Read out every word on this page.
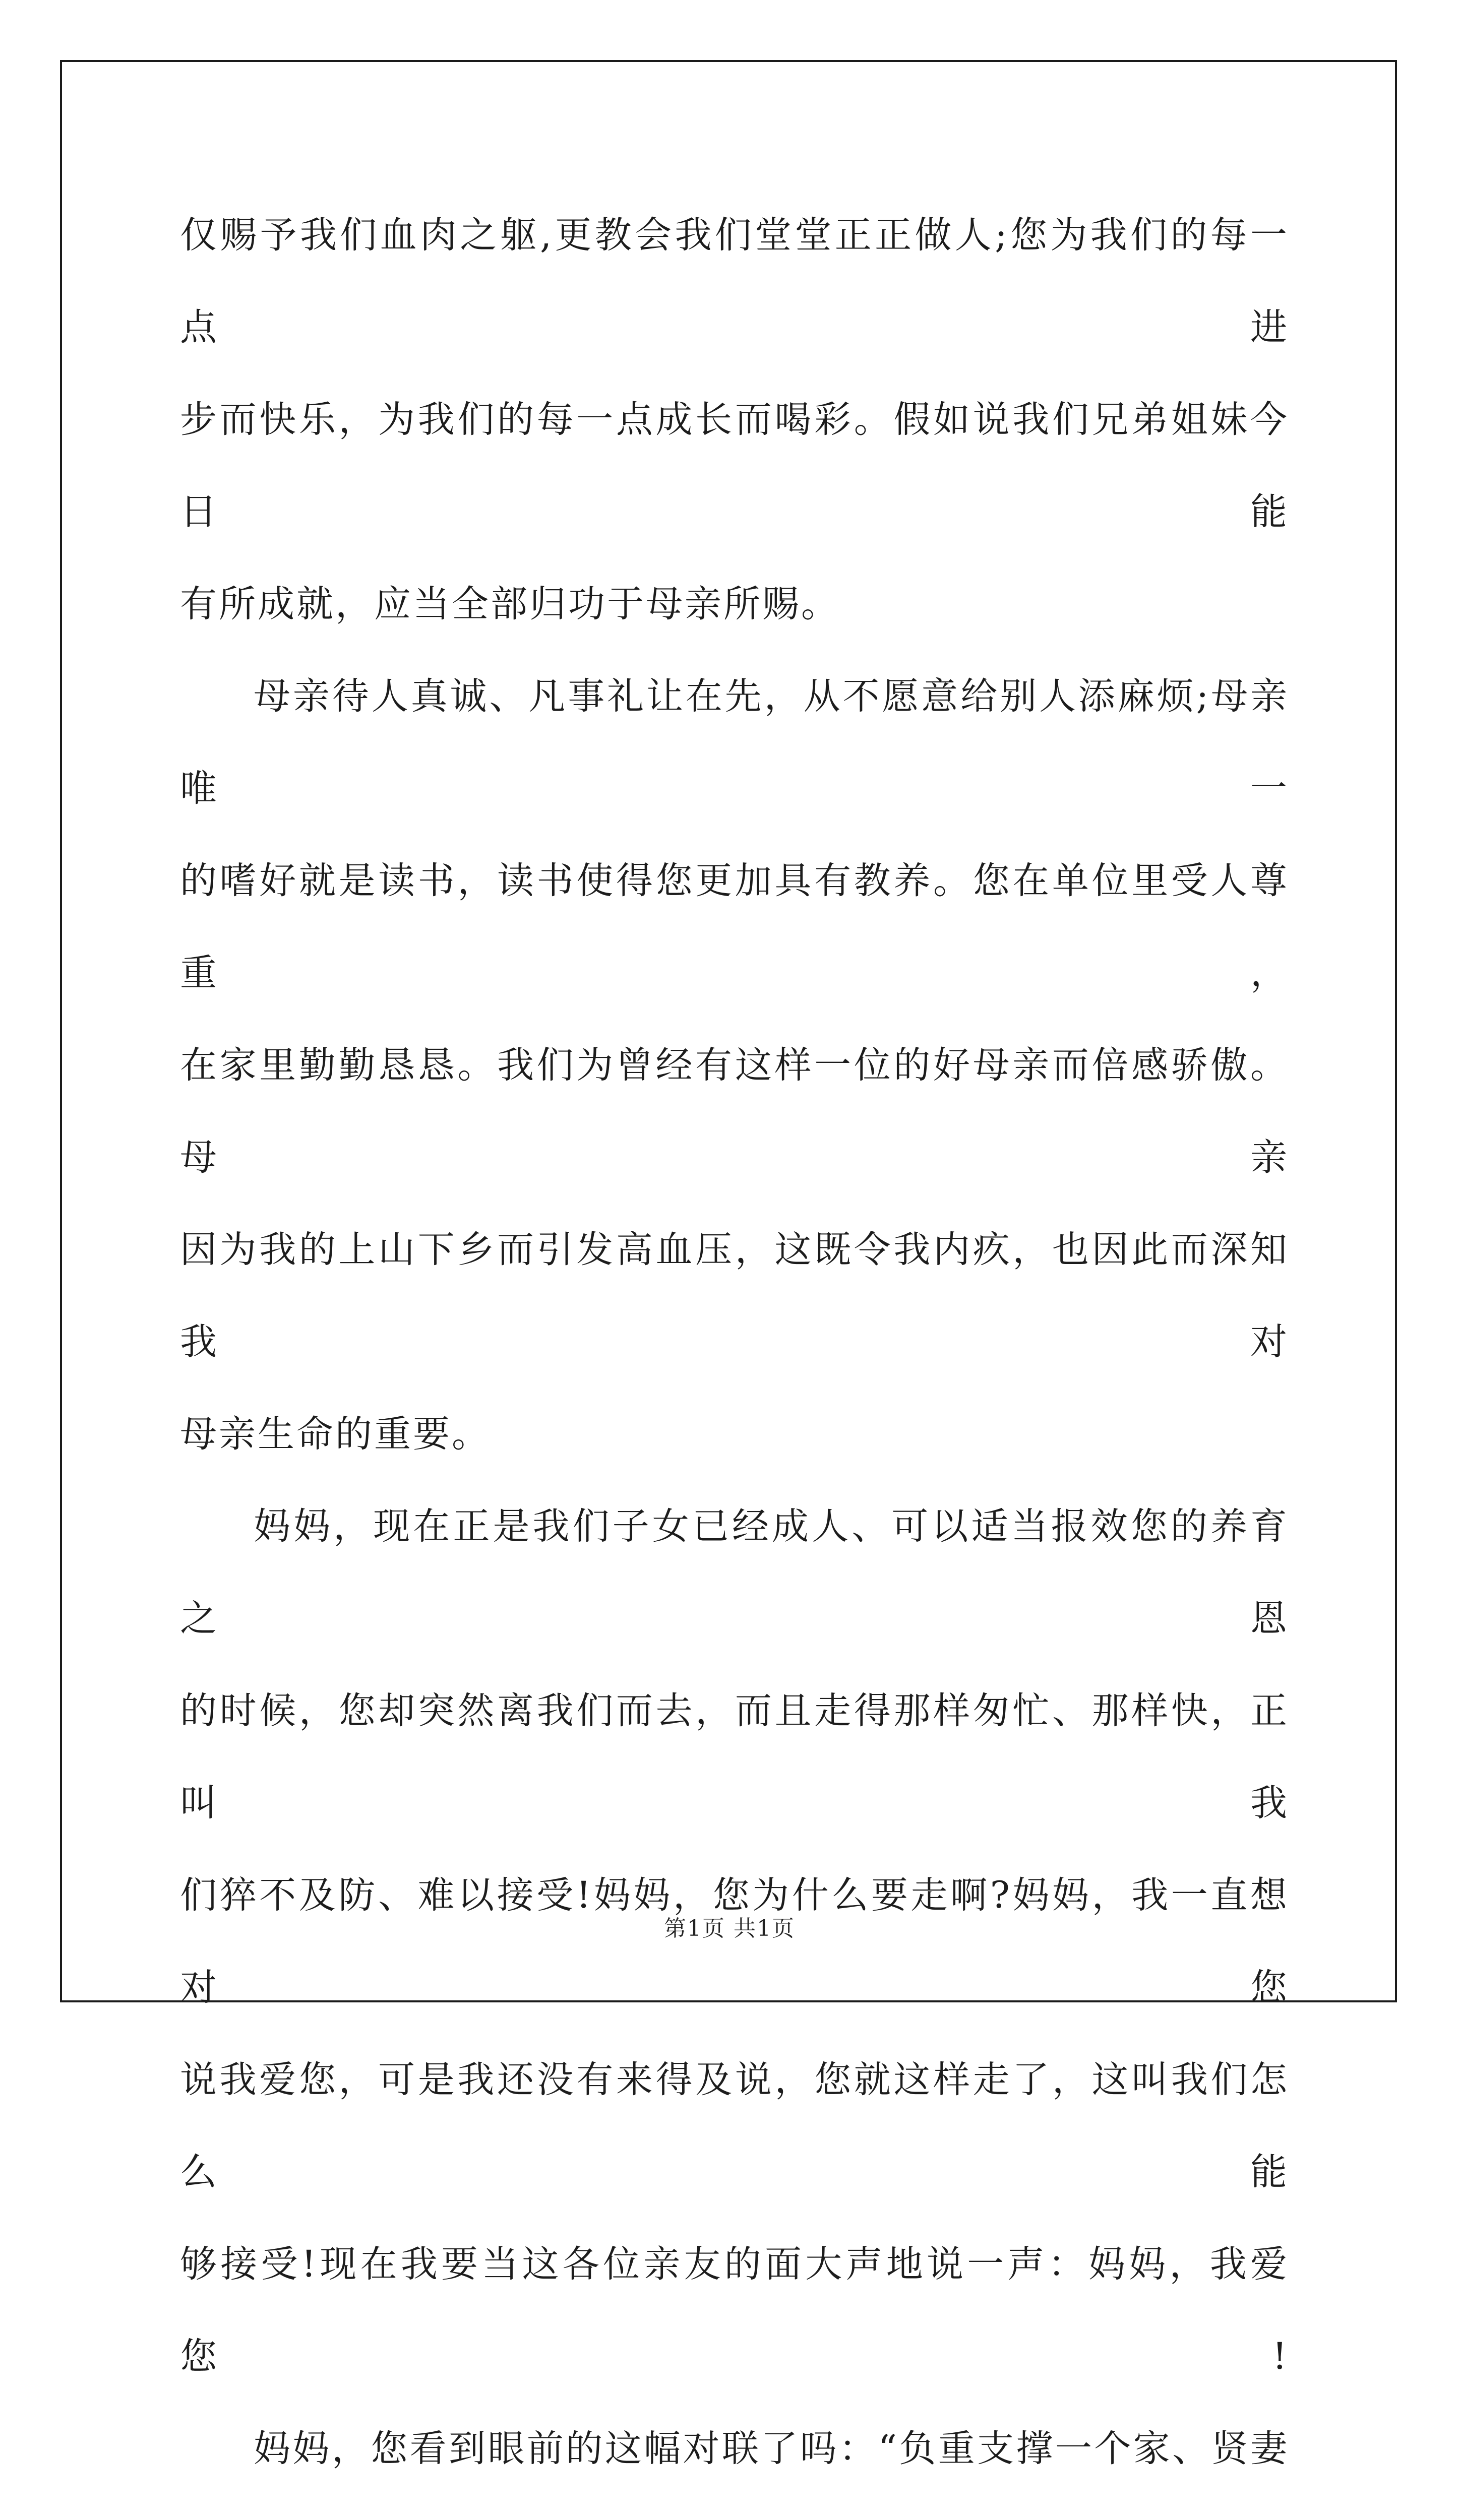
仅赐予我们血肉之躯,更教会我们堂堂正正做人;您为我们的每一点进

步而快乐，为我们的每一点成长而喝彩。假如说我们兄弟姐妹今日能

有所成就，应当全部归功于母亲所赐。

母亲待人真诚、凡事礼让在先，从不愿意给别人添麻烦;母亲唯一

的嗜好就是读书，读书使得您更加具有教养。您在单位里受人尊重，

在家里勤勤恳恳。我们为曾经有这样一位的好母亲而倍感骄傲。母亲

因为我的上山下乡而引发高血压，这既令我内疚，也因此而深知我对

母亲生命的重要。

妈妈，现在正是我们子女已经成人、可以适当报效您的养育之恩

的时候，您却突然离我们而去，而且走得那样匆忙、那样快，正叫我

们猝不及防、难以接受!妈妈，您为什么要走啊?妈妈，我一直想对您

说我爱您，可是我还没有来得及说，您就这样走了，这叫我们怎么能

够接受!现在我要当这各位亲友的面大声地说一声：妈妈，我爱您!

妈妈，您看到眼前的这幅对联了吗：“负重支撑一个家、贤妻

第1页 共1页
